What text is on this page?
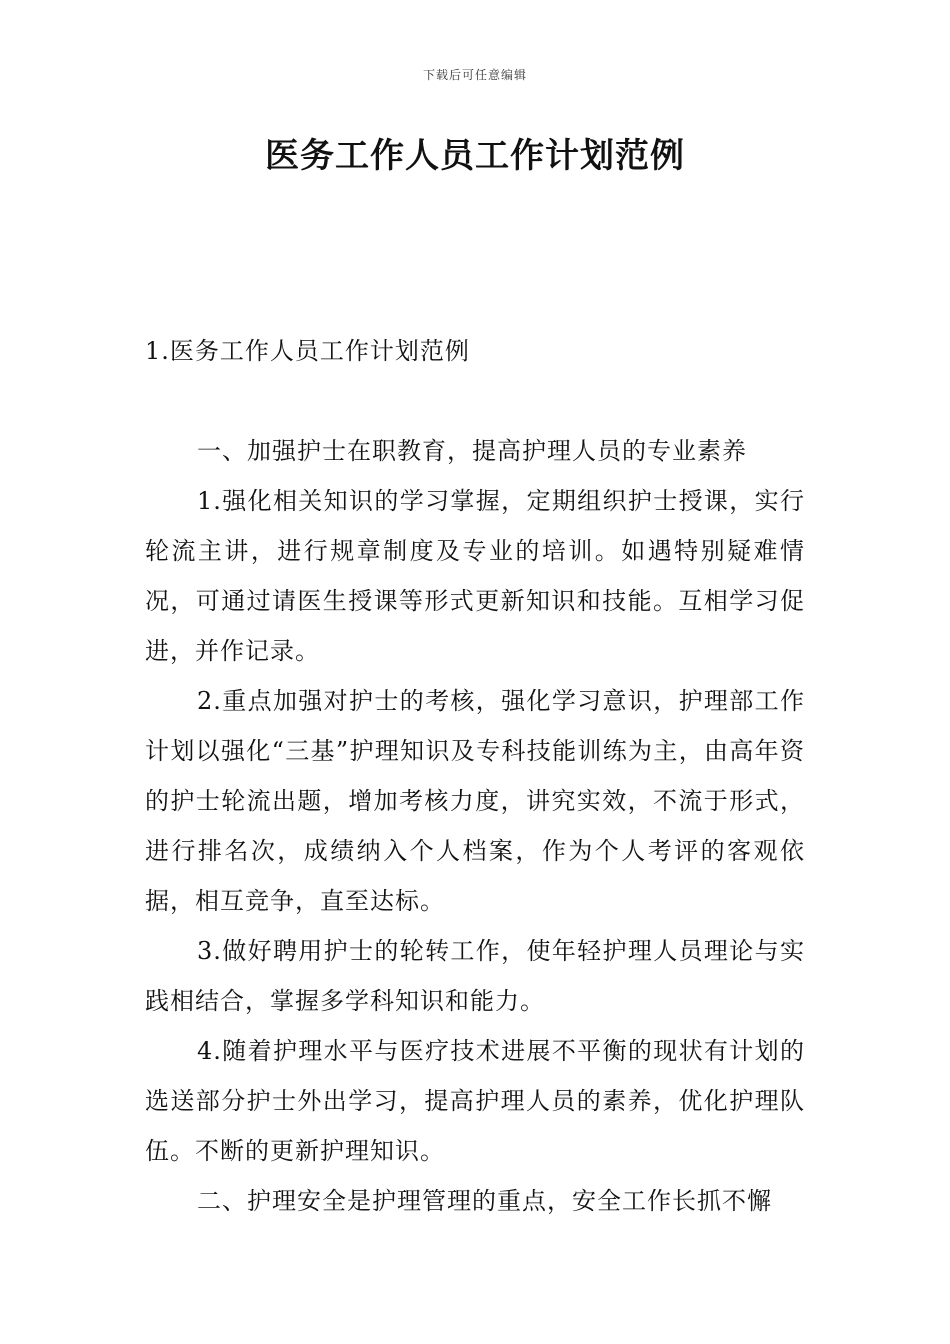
下载后可任意编辑
医务工作人员工作计划范例
1.医务工作人员工作计划范例

一、加强护士在职教育，提高护理人员的专业素养

1.强化相关知识的学习掌握，定期组织护士授课，实行轮流主讲，进行规章制度及专业的培训。如遇特别疑难情况，可通过请医生授课等形式更新知识和技能。互相学习促进，并作记录。

2.重点加强对护士的考核，强化学习意识，护理部工作计划以强化“三基”护理知识及专科技能训练为主，由高年资的护士轮流出题，增加考核力度，讲究实效，不流于形式，进行排名次，成绩纳入个人档案，作为个人考评的客观依据，相互竞争，直至达标。

3.做好聘用护士的轮转工作，使年轻护理人员理论与实践相结合，掌握多学科知识和能力。

4.随着护理水平与医疗技术进展不平衡的现状有计划的选送部分护士外出学习，提高护理人员的素养，优化护理队伍。不断的更新护理知识。

二、护理安全是护理管理的重点，安全工作长抓不懈
